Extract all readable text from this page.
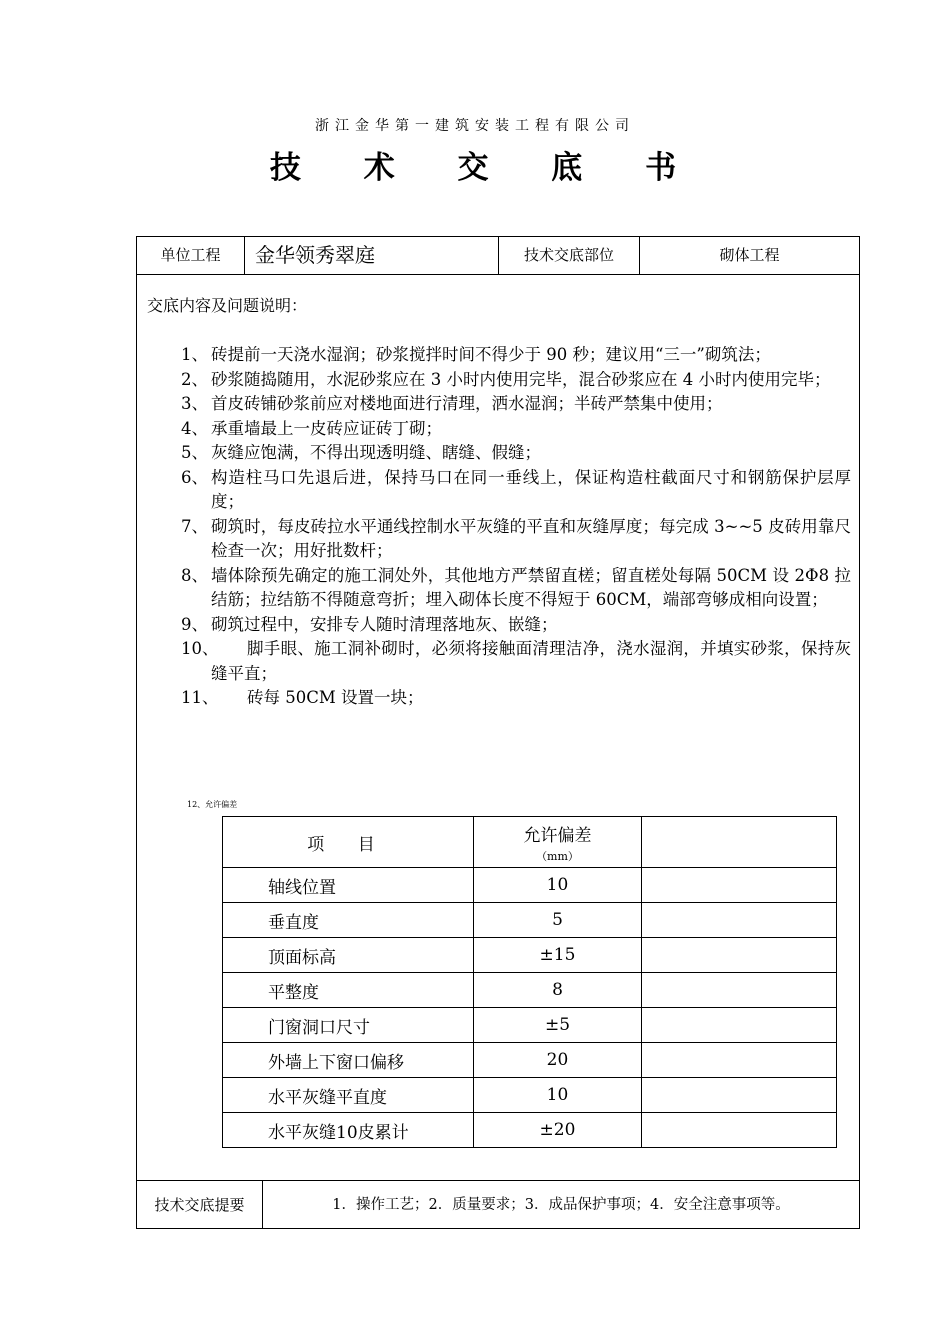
浙江金华第一建筑安装工程有限公司
技 术 交 底 书
单位工程	金华领秀翠庭	技术交底部位	砌体工程
交底内容及问题说明：
1、 砖提前一天浇水湿润；砂浆搅拌时间不得少于 90 秒；建议用“三一”砌筑法；
2、 砂浆随捣随用，水泥砂浆应在 3 小时内使用完毕，混合砂浆应在 4 小时内使用完毕；
3、 首皮砖铺砂浆前应对楼地面进行清理，洒水湿润；半砖严禁集中使用；
4、 承重墙最上一皮砖应证砖丁砌；
5、 灰缝应饱满，不得出现透明缝、瞎缝、假缝；
6、 构造柱马口先退后进，保持马口在同一垂线上，保证构造柱截面尺寸和钢筋保护层厚度；
7、 砌筑时，每皮砖拉水平通线控制水平灰缝的平直和灰缝厚度；每完成 3~~5 皮砖用靠尺检查一次；用好批数杆；
8、 墙体除预先确定的施工洞处外，其他地方严禁留直槎；留直槎处每隔 50CM 设 2Φ8 拉结筋；拉结筋不得随意弯折；埋入砌体长度不得短于 60CM，端部弯够成相向设置；
9、 砌筑过程中，安排专人随时清理落地灰、嵌缝；
10、 脚手眼、施工洞补砌时，必须将接触面清理洁净，浇水湿润，并填实砂浆，保持灰缝平直；
11、 砖每 50CM 设置一块；
12、允许偏差
项 目	允许偏差
（mm）	

轴线位置	10	
垂直度	5	
顶面标高	±15	
平整度	8	
门窗洞口尺寸	±5	
外墙上下窗口偏移	20	
水平灰缝平直度	10	
水平灰缝10皮累计	±20	
技术交底提要	1．操作工艺；2．质量要求；3．成品保护事项；4．安全注意事项等。
